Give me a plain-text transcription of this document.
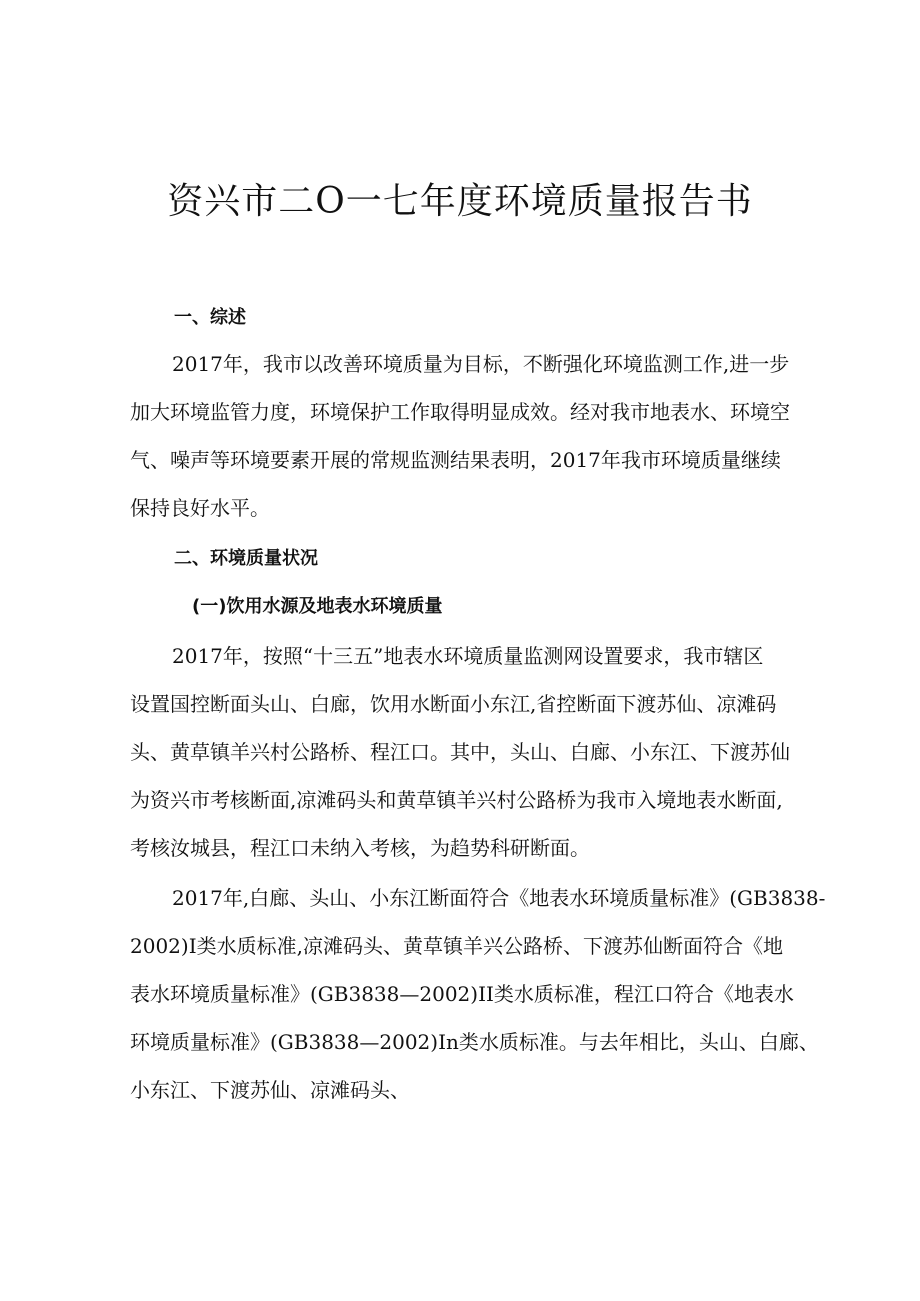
资兴市二O一七年度环境质量报告书
一、综述
2017年，我市以改善环境质量为目标，不断强化环境监测工作,进一步
加大环境监管力度，环境保护工作取得明显成效。经对我市地表水、环境空
气、噪声等环境要素开展的常规监测结果表明，2017年我市环境质量继续
保持良好水平。
二、环境质量状况
(一)饮用水源及地表水环境质量
2017年，按照“十三五”地表水环境质量监测网设置要求，我市辖区
设置国控断面头山、白廊，饮用水断面小东江,省控断面下渡苏仙、凉滩码
头、黄草镇羊兴村公路桥、程江口。其中，头山、白廊、小东江、下渡苏仙
为资兴市考核断面,凉滩码头和黄草镇羊兴村公路桥为我市入境地表水断面,
考核汝城县，程江口未纳入考核，为趋势科研断面。
2017年,白廊、头山、小东江断面符合《地表水环境质量标准》(GB3838-
2002)I类水质标准,凉滩码头、黄草镇羊兴公路桥、下渡苏仙断面符合《地
表水环境质量标准》(GB3838—2002)II类水质标准，程江口符合《地表水
环境质量标准》(GB3838—2002)In类水质标准。与去年相比，头山、白廊、
小东江、下渡苏仙、凉滩码头、
